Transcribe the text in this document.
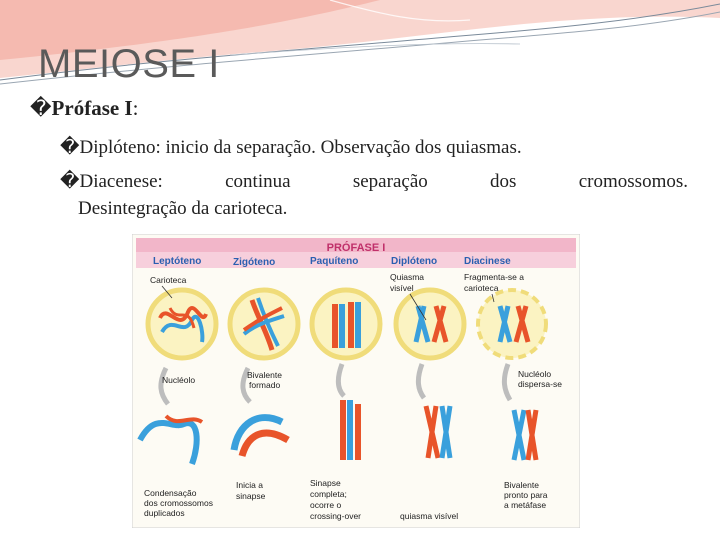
MEIOSE I
�Prófase I:
�Diplóteno: inicio da separação. Observação dos quiasmas.
�Diacenese:	continua	separação	dos	cromossomos.
Desintegração da carioteca.
PRÓFASE I
Leptóteno	Zigóteno	Paquíteno	Diplóteno	Diacinese
Carioteca	Quiasma
visível
Fragmenta-se a
carioteca
Nucléolo	Bivalente
formado
Nucléolo
dispersa-se
Condensação
dos cromossomos
duplicados
Inicia a
sinapse
Sinapse
completa;
ocorre o
crossing-over	quiasma visível
Bivalente
pronto para
a metáfase
